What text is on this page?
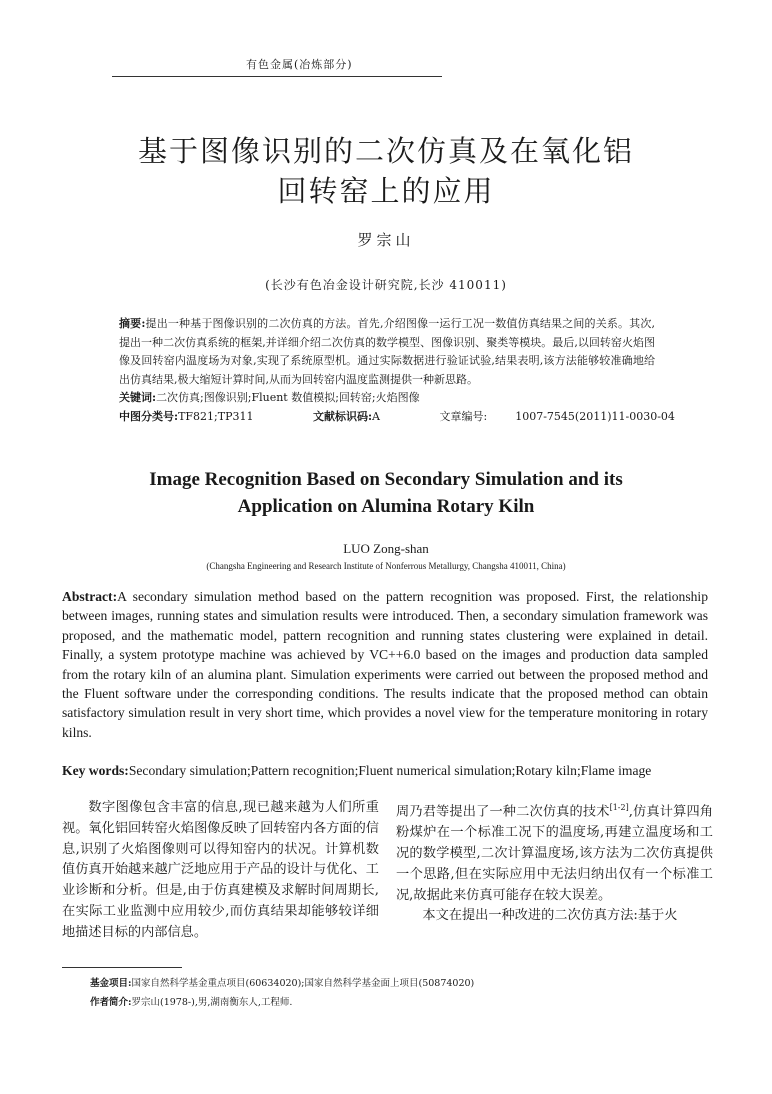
有色金属(冶炼部分)
基于图像识别的二次仿真及在氧化铝
回转窑上的应用
罗宗山
(长沙有色冶金设计研究院,长沙 410011)
摘要:提出一种基于图像识别的二次仿真的方法。首先,介绍图像一运行工况一数值仿真结果之间的关系。其次,提出一种二次仿真系统的框架,并详细介绍二次仿真的数学模型、图像识别、聚类等模块。最后,以回转窑火焰图像及回转窑内温度场为对象,实现了系统原型机。通过实际数据进行验证试验,结果表明,该方法能够较准确地给出仿真结果,极大缩短计算时间,从而为回转窑内温度监测提供一种新思路。
关键词:二次仿真;图像识别;Fluent 数值模拟;回转窑;火焰图像
中图分类号:TF821;TP311	文献标识码:A	文章编号:	1007-7545(2011)11-0030-04
Image Recognition Based on Secondary Simulation and its
Application on Alumina Rotary Kiln
LUO Zong-shan
(Changsha Engineering and Research Institute of Nonferrous Metallurgy, Changsha 410011, China)
Abstract:A secondary simulation method based on the pattern recognition was proposed. First, the relationship between images, running states and simulation results were introduced. Then, a secondary simulation framework was proposed, and the mathematic model, pattern recognition and running states clustering were explained in detail. Finally, a system prototype machine was achieved by VC++6.0 based on the images and production data sampled from the rotary kiln of an alumina plant. Simulation experiments were carried out between the proposed method and the Fluent software under the corresponding conditions. The results indicate that the proposed method can obtain satisfactory simulation result in very short time, which provides a novel view for the temperature monitoring in rotary kilns.
Key words:Secondary simulation;Pattern recognition;Fluent numerical simulation;Rotary kiln;Flame image

数字图像包含丰富的信息,现已越来越为人们所重视。氧化铝回转窑火焰图像反映了回转窑内各方面的信息,识别了火焰图像则可以得知窑内的状况。计算机数值仿真开始越来越广泛地应用于产品的设计与优化、工业诊断和分析。但是,由于仿真建模及求解时间周期长,在实际工业监测中应用较少,而仿真结果却能够较详细地描述目标的内部信息。

周乃君等提出了一种二次仿真的技术[1-2],仿真计算四角粉煤炉在一个标准工况下的温度场,再建立温度场和工况的数学模型,二次计算温度场,该方法为二次仿真提供一个思路,但在实际应用中无法归纳出仅有一个标准工况,故据此来仿真可能存在较大误差。

本文在提出一种改进的二次仿真方法:基于火

基金项目:国家自然科学基金重点项目(60634020);国家自然科学基金面上项目(50874020)
作者简介:罗宗山(1978-),男,湖南衡东人,工程师.
